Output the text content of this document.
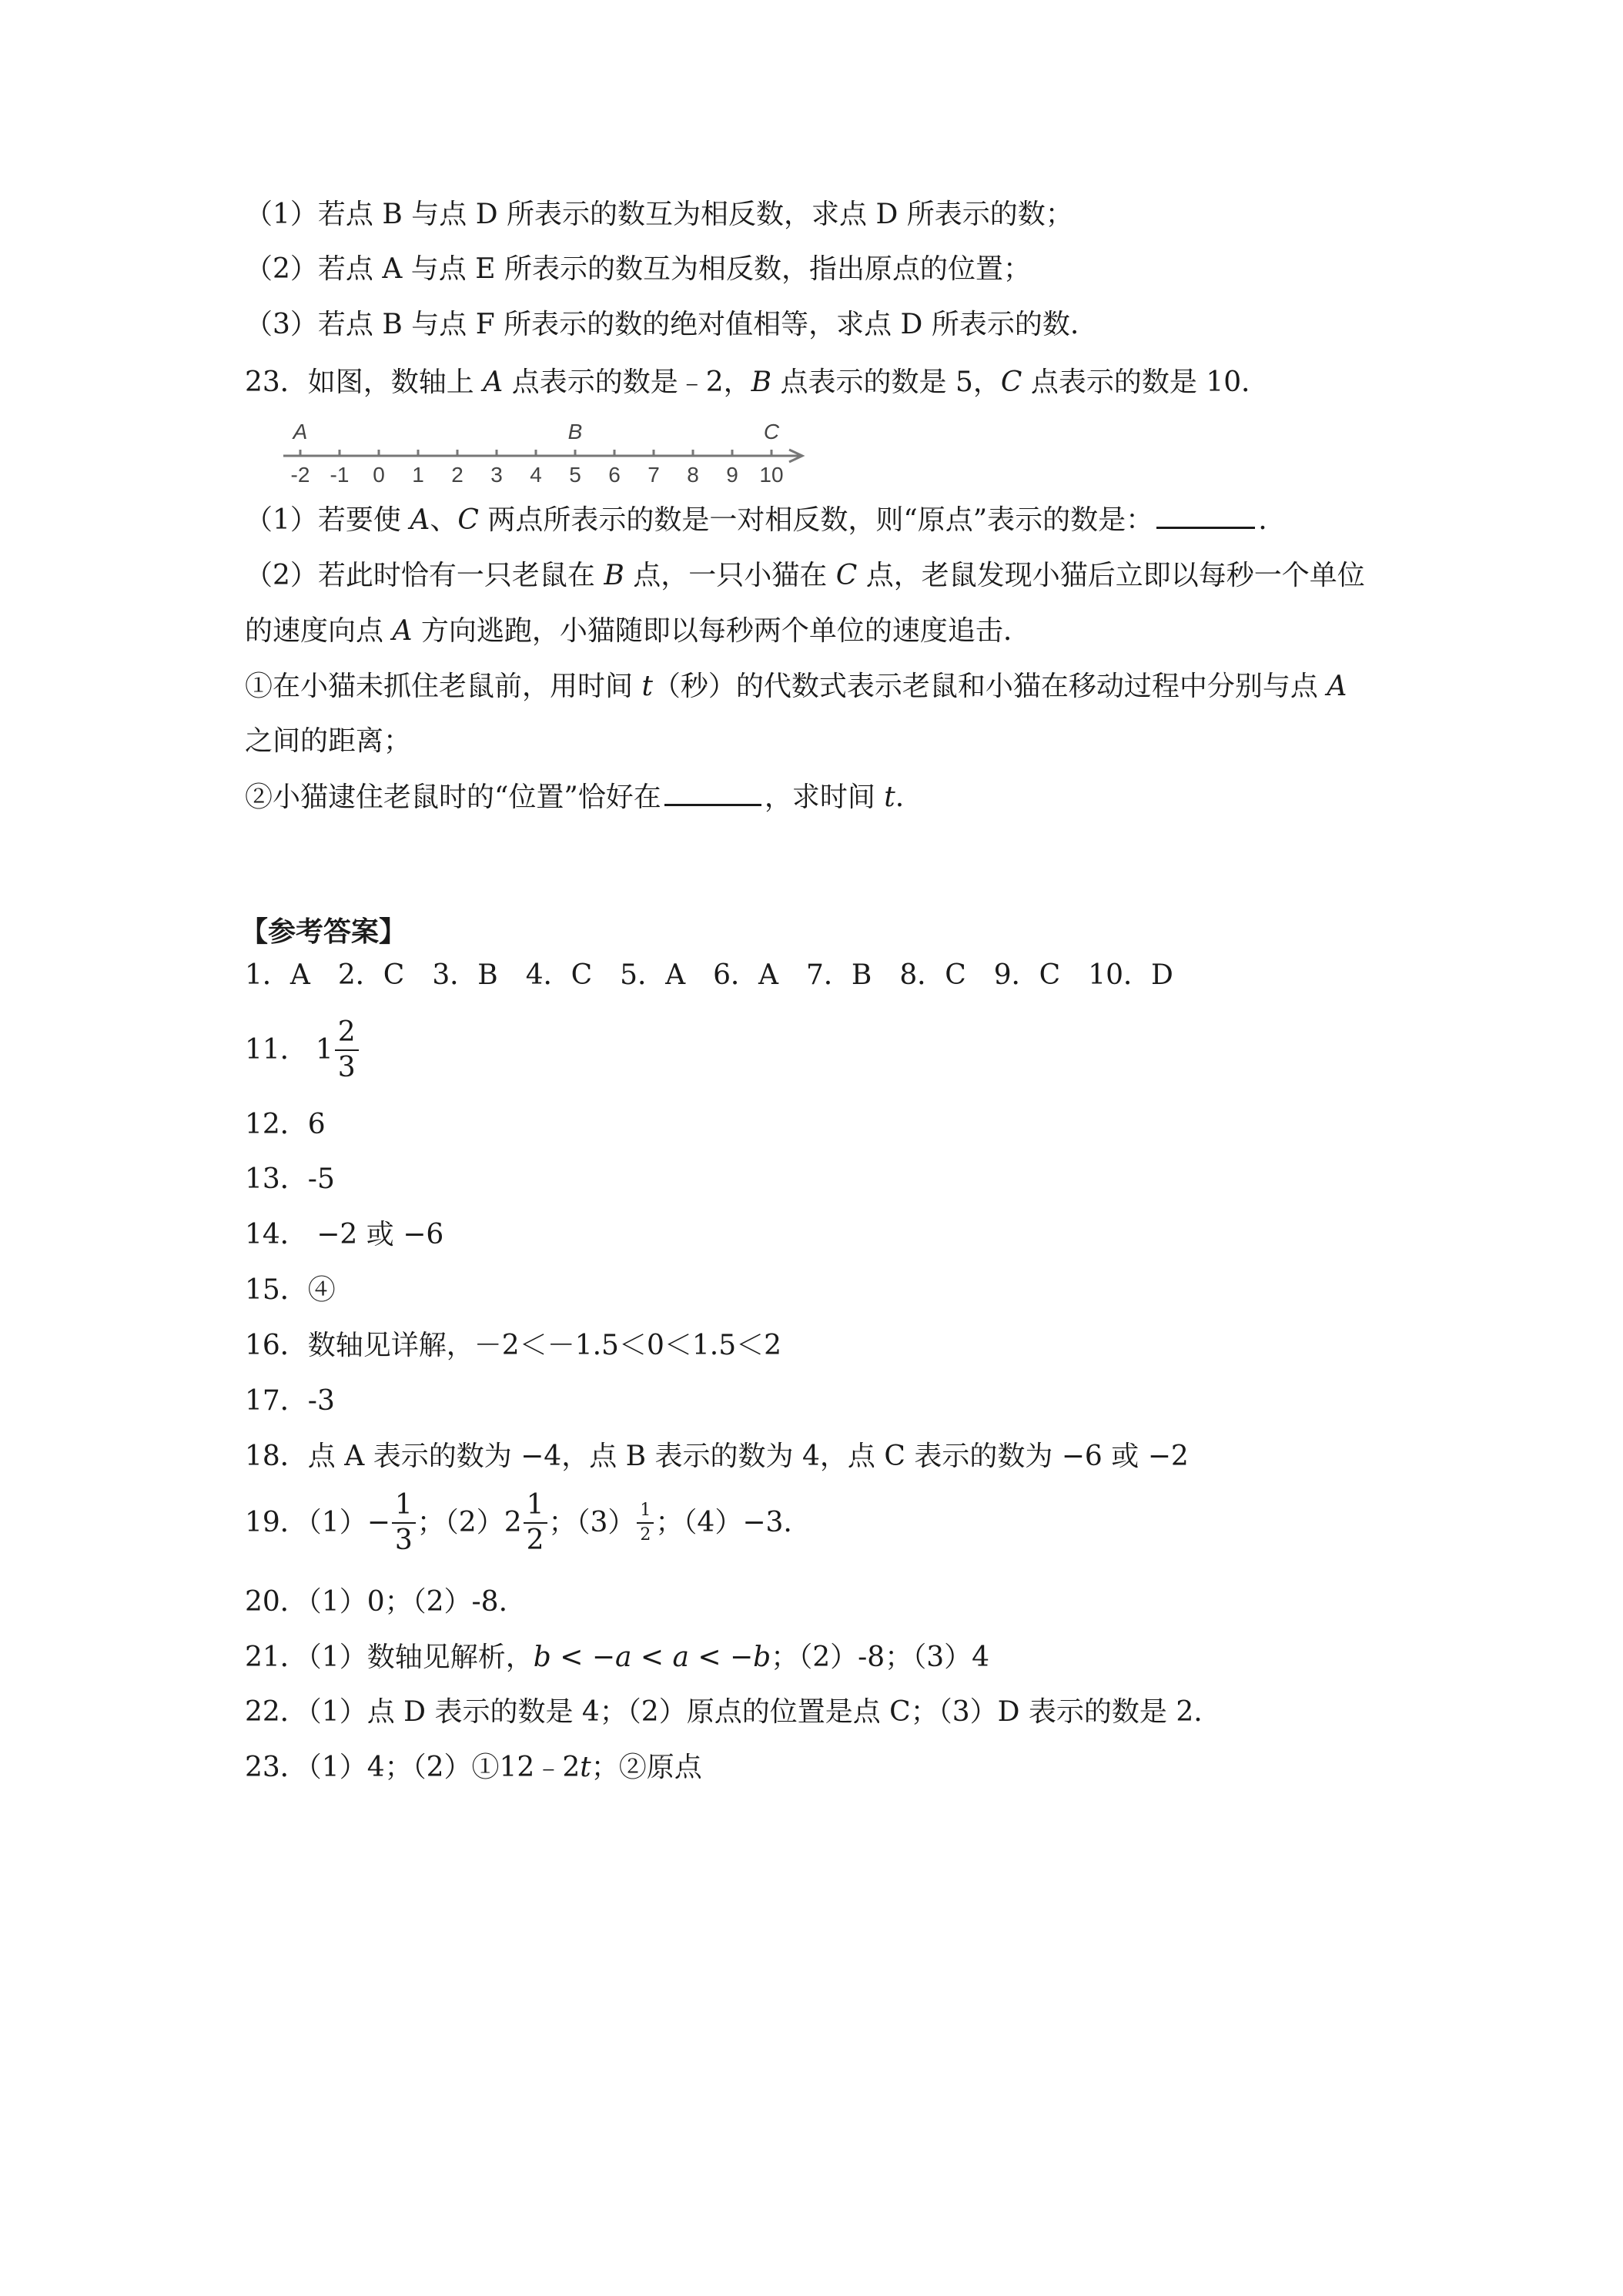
（1）若点 B 与点 D 所表示的数互为相反数，求点 D 所表示的数；
（2）若点 A 与点 E 所表示的数互为相反数，指出原点的位置；
（3）若点 B 与点 F 所表示的数的绝对值相等，求点 D 所表示的数.
23．如图，数轴上 A 点表示的数是﹣2，B 点表示的数是 5，C 点表示的数是 10．
-2 -1 0 1 2 3 4 5 6 7 8 9 10
A	B	C
（1）若要使 A、C 两点所表示的数是一对相反数，则“原点”表示的数是：	.
（2）若此时恰有一只老鼠在 B 点，一只小猫在 C 点，老鼠发现小猫后立即以每秒一个单位
的速度向点 A 方向逃跑，小猫随即以每秒两个单位的速度追击.
①在小猫未抓住老鼠前，用时间 t（秒）的代数式表示老鼠和小猫在移动过程中分别与点 A
之间的距离；
②小猫逮住老鼠时的“位置”恰好在	，求时间 t.
【参考答案】
1．A　2．C　3．B　4．C　5．A　6．A　7．B　8．C　9．C　10．D
11． $1 \frac{2}{3}$
12．6
13．-5
14． −2 或 −6
15．④
16．数轴见详解，－2＜－1.5＜0＜1.5＜2
17．-3
18．点 A 表示的数为 −4，点 B 表示的数为 4，点 C 表示的数为 −6 或 −2
19．$(1)- \frac{1}{3}$ ；$(2)2 \frac{1}{2}$ ；$(3) \frac{1}{2}$ ；（4）−3.
20．（1）0；（2）-8.
21．（1）数轴见解析，b < −a < a < −b；（2）-8；（3）4
22．（1）点 D 表示的数是 4；（2）原点的位置是点 C；（3）D 表示的数是 2.
23．（1）4；（2）①12﹣2t；②原点
